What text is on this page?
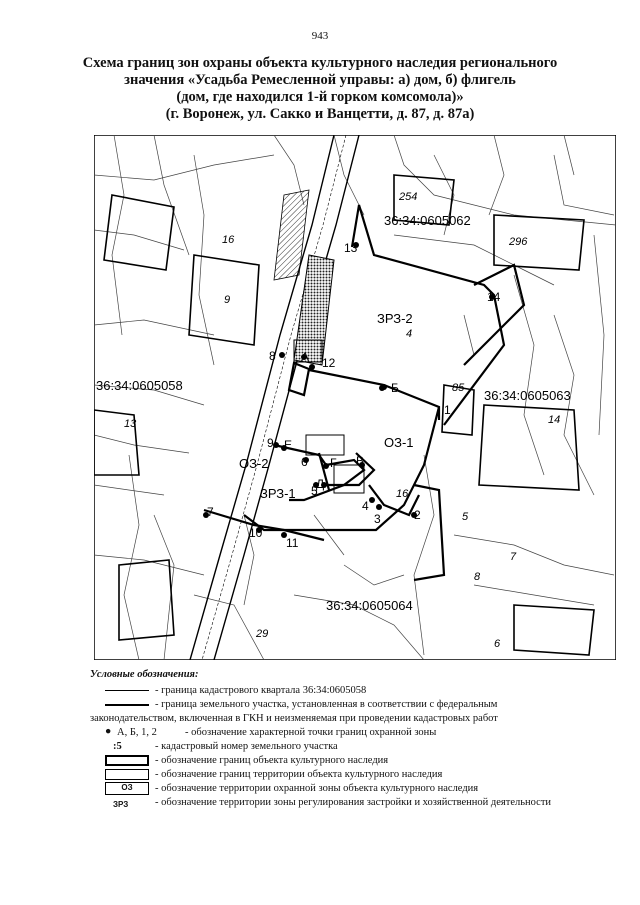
943
Схема границ зон охраны объекта культурного наследия регионального
значения «Усадьба Ремесленной управы: а) дом, б) флигель
(дом, где находился 1-й горком комсомола)»
(г. Воронеж, ул. Сакко и Ванцетти, д. 87, д. 87а)
36:34:0605062
36:34:0605058
36:34:0605063
36:34:0605064
ЗРЗ-2
ОЗ-1
ОЗ-2
ЗРЗ-1
1
2
3
4
5
6
7
8
9
10
11
12
13
14
А
Б
В
Г
Д
Е
254
296
16
9
4
85
14
13
16
5
7
8
29
6
Условные обозначения:
- граница кадастрового квартала 36:34:0605058
- граница земельного участка, установленная в соответствии с федеральным
законодательством, включенная в ГКН и неизменяемая при проведении кадастровых работ
● А, Б, 1, 2	- обозначение характерной точки границ охранной зоны
:5	- кадастровый номер земельного участка
- обозначение границ объекта культурного наследия
- обозначение границ территории объекта культурного наследия
ОЗ	- обозначение территории охранной зоны объекта культурного наследия
ЗРЗ	- обозначение территории зоны регулирования застройки и хозяйственной деятельности
